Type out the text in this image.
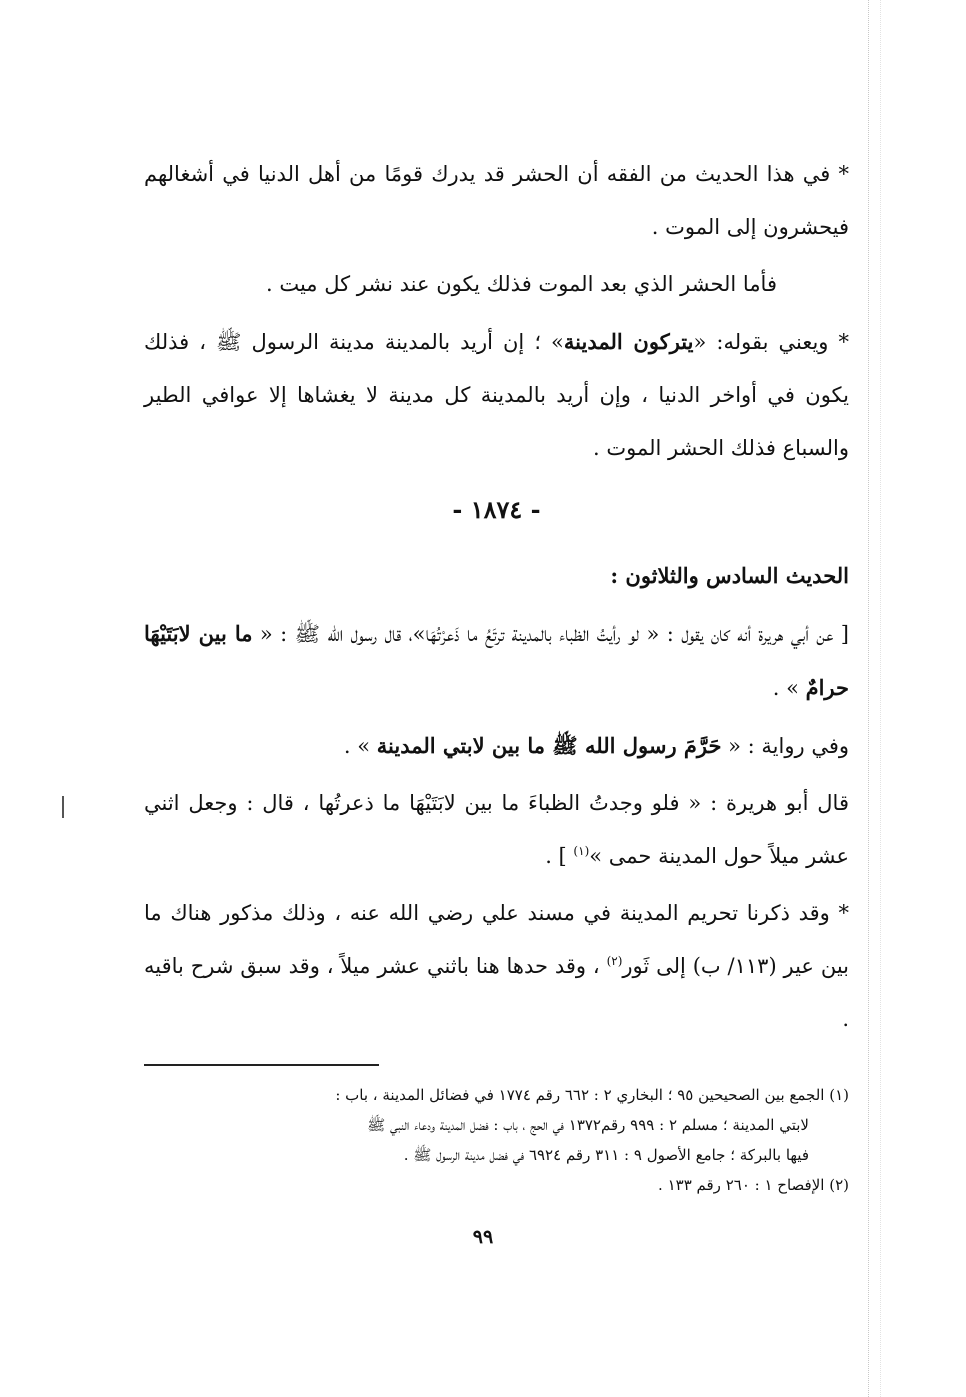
* في هذا الحديث من الفقه أن الحشر قد يدرك قومًا من أهل الدنيا في أشغالهم فيحشرون إلى الموت .

فأما الحشر الذي بعد الموت فذلك يكون عند نشر كل ميت .

* ويعني بقوله: «يتركون المدينة» ؛ إن أريد بالمدينة مدينة الرسول ﷺ ، فذلك يكون في أواخر الدنيا ، وإن أريد بالمدينة كل مدينة لا يغشاها إلا عوافي الطير والسباع فذلك الحشر الموت .

- ١٨٧٤ -
الحديث السادس والثلاثون :

[ عن أبي هريرة أنه كان يقول : « لو رأيتُ الظباء بالمدينة ترتَعُ ما ذَعرْتُهَا»، قال رسول الله ﷺ : « ما بين لابَتَيْهَا حرامٌ » .

وفي رواية : « حَرَّمَ رسول الله ﷺ ما بين لابتي المدينة » .

قال أبو هريرة : « فلو وجدتُ الظباءَ ما بين لابَتَيْهَا ما ذعرتُها ، قال : وجعل اثني عشر ميلاً حول المدينة حمى »$^{(١)}$ ] .

* وقد ذكرنا تحريم المدينة في مسند علي رضي الله عنه ، وذلك مذكور هناك ما بين عير (١١٣/ ب) إلى ثَور$^{(٢)}$ ، وقد حدها هنا باثني عشر ميلاً ، وقد سبق شرح باقيه .

(١) الجمع بين الصحيحين ٩٥ ؛ البخاري ٢ : ٦٦٢ رقم ١٧٧٤ في فضائل المدينة ، باب :
لابتي المدينة ؛ مسلم ٢ : ٩٩٩ رقم١٣٧٢ في الحج ، باب : فضل المدينة ودعاء النبي ﷺ
فيها بالبركة ؛ جامع الأصول ٩ : ٣١١ رقم ٦٩٢٤ في فضل مدينة الرسول ﷺ .
(٢) الإفصاح ١ : ٢٦٠ رقم ١٣٣ .
٩٩
